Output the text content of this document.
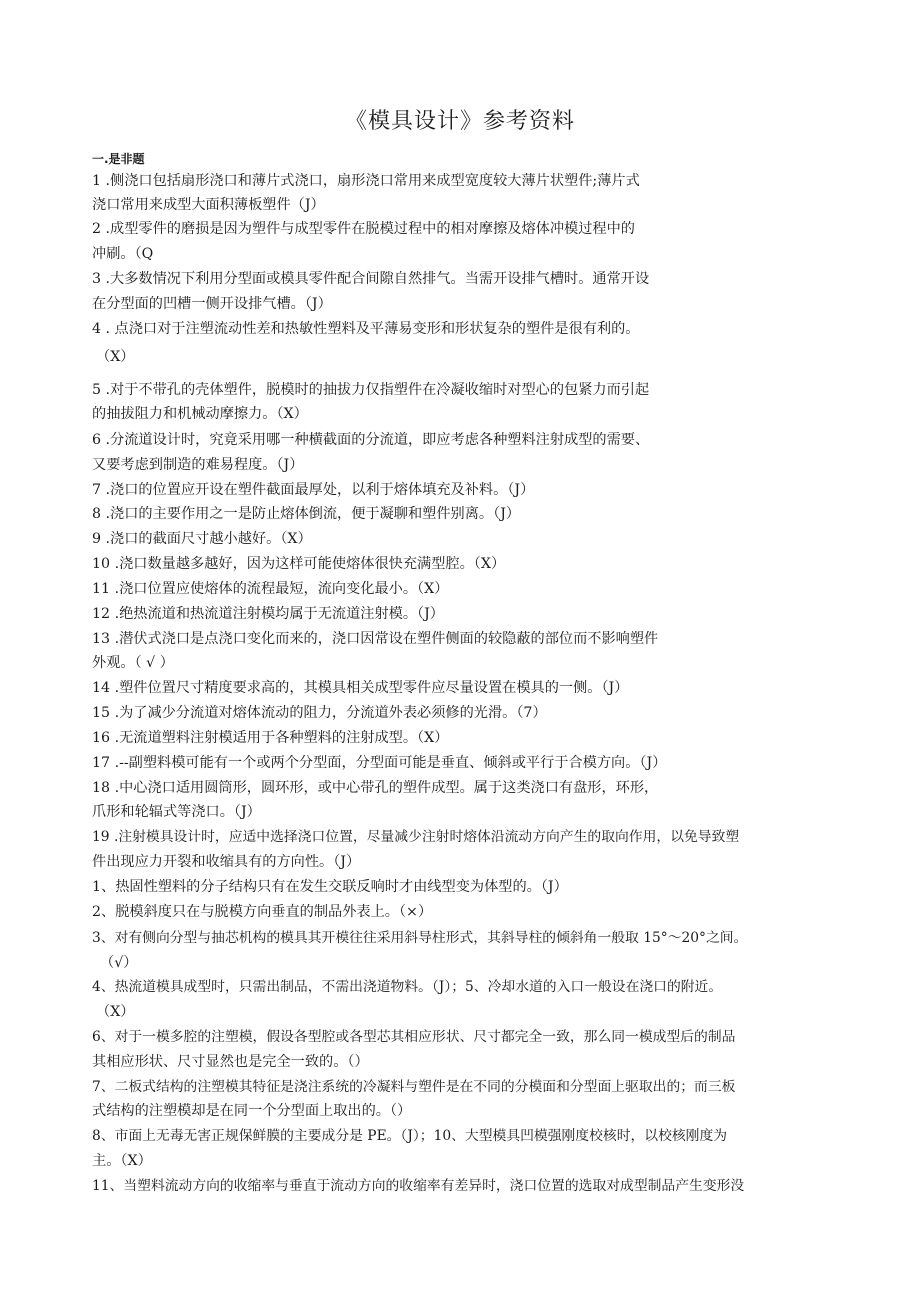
《模具设计》参考资料
一.是非题
1 .侧浇口包括扇形浇口和薄片式浇口，扇形浇口常用来成型宽度较大薄片状塑件;薄片式
浇口常用来成型大面积薄板塑件（J）
2 .成型零件的磨损是因为塑件与成型零件在脱模过程中的相对摩擦及熔体冲模过程中的
冲刷。（Q
3 .大多数情况下利用分型面或模具零件配合间隙自然排气。当需开设排气槽时。通常开设
在分型面的凹槽一侧开设排气槽。（J）
4 . 点浇口对于注塑流动性差和热敏性塑料及平薄易变形和形状复杂的塑件是很有利的。
（X）
5 .对于不带孔的壳体塑件，脱模时的抽拔力仅指塑件在冷凝收缩时对型心的包紧力而引起
的抽拔阻力和机械动摩擦力。（X）
6 .分流道设计时，究竟采用哪一种横截面的分流道，即应考虑各种塑料注射成型的需要、
又要考虑到制造的难易程度。（J）
7 .浇口的位置应开设在塑件截面最厚处，以利于熔体填充及补料。（J）
8 .浇口的主要作用之一是防止熔体倒流，便于凝聊和塑件别离。（J）
9 .浇口的截面尺寸越小越好。（X）
10 .浇口数量越多越好，因为这样可能使熔体很快充满型腔。（X）
11 .浇口位置应使熔体的流程最短，流向变化最小。（X）
12 .绝热流道和热流道注射模均属于无流道注射模。（J）
13 .潜伏式浇口是点浇口变化而来的，浇口因常设在塑件侧面的较隐蔽的部位而不影响塑件
外观。（ √ ）
14 .塑件位置尺寸精度要求高的，其模具相关成型零件应尽量设置在模具的一侧。（J）
15 .为了减少分流道对熔体流动的阻力，分流道外表必须修的光滑。（7）
16 .无流道塑料注射模适用于各种塑料的注射成型。（X）
17 .--副塑料模可能有一个或两个分型面，分型面可能是垂直、倾斜或平行于合模方向。（J）
18 .中心浇口适用圆筒形，圆环形，或中心带孔的塑件成型。属于这类浇口有盘形，环形，
爪形和轮辐式等浇口。（J）
19 .注射模具设计时，应适中选择浇口位置，尽量减少注射时熔体沿流动方向产生的取向作用，以免导致塑
件出现应力开裂和收缩具有的方向性。（J）
1、热固性塑料的分子结构只有在发生交联反响时才由线型变为体型的。（J）
2、脱模斜度只在与脱模方向垂直的制品外表上。（×）
3、对有侧向分型与抽芯机构的模具其开模往往采用斜导柱形式，其斜导柱的倾斜角一般取 15°～20°之间。
（√）
4、热流道模具成型时，只需出制品，不需出浇道物料。（J）；5、冷却水道的入口一般设在浇口的附近。
（X）
6、对于一模多腔的注塑模，假设各型腔或各型芯其相应形状、尺寸都完全一致，那么同一模成型后的制品
其相应形状、尺寸显然也是完全一致的。（）
7、二板式结构的注塑模其特征是浇注系统的冷凝料与塑件是在不同的分模面和分型面上驱取出的；而三板
式结构的注塑模却是在同一个分型面上取出的。（）
8、市面上无毒无害正规保鲜膜的主要成分是 PE。（J）；10、大型模具凹模强刚度校核时，以校核刚度为
主。（X）
11、当塑料流动方向的收缩率与垂直于流动方向的收缩率有差异时，浇口位置的选取对成型制品产生变形没
